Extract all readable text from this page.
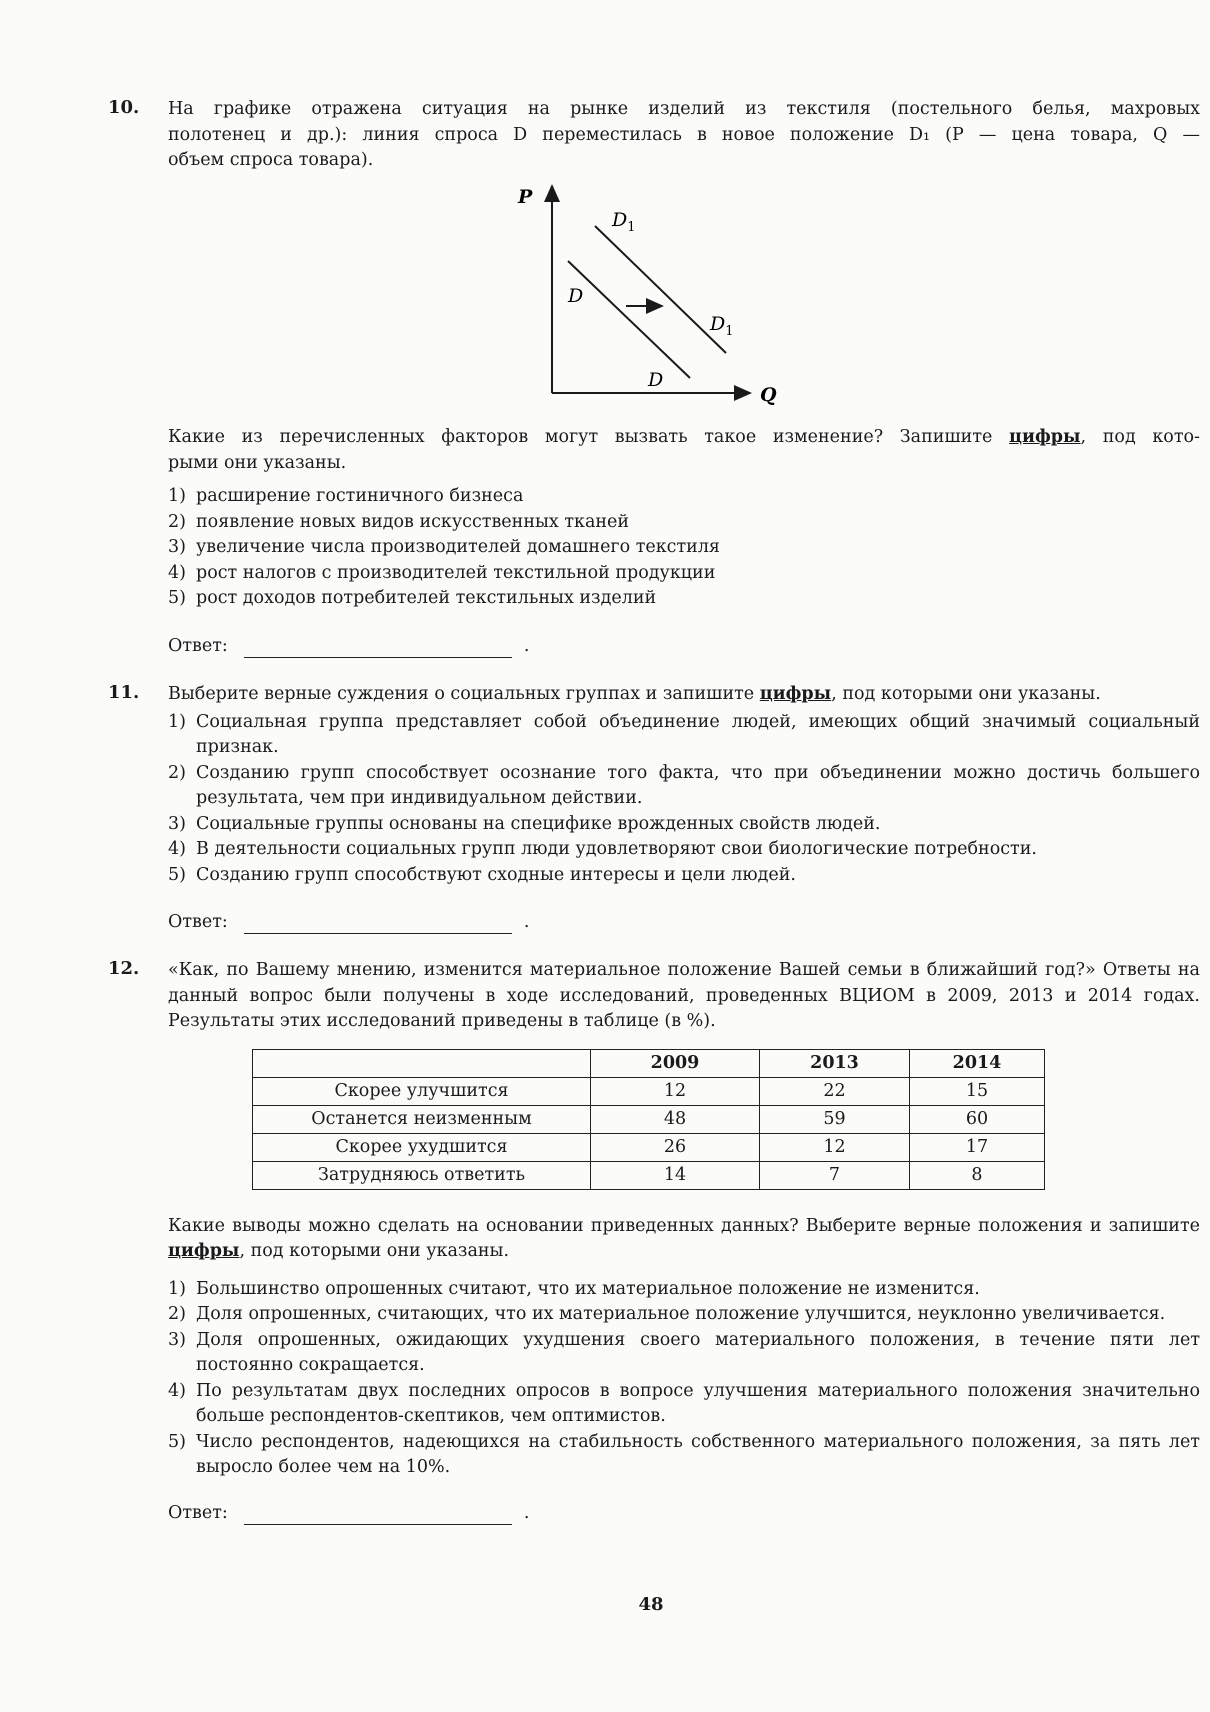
10. На графике отражена ситуация на рынке изделий из текстиля (постельного белья, махровых
полотенец и др.): линия спроса D переместилась в новое положение D₁ (P — цена товара, Q —
объем спроса товара).
P
Q
D
D
$D_1$
$D_1$
Какие из перечисленных факторов могут вызвать такое изменение? Запишите цифры, под кото-
рыми они указаны.
1) расширение гостиничного бизнеса
2) появление новых видов искусственных тканей
3) увеличение числа производителей домашнего текстиля
4) рост налогов с производителей текстильной продукции
5) рост доходов потребителей текстильных изделий
Ответ:	.
11. Выберите верные суждения о социальных группах и запишите цифры, под которыми они указаны.
1) Социальная группа представляет собой объединение людей, имеющих общий значимый социальный признак.
2) Созданию групп способствует осознание того факта, что при объединении можно достичь большего результата, чем при индивидуальном действии.
3) Социальные группы основаны на специфике врожденных свойств людей.
4) В деятельности социальных групп люди удовлетворяют свои биологические потребности.
5) Созданию групп способствуют сходные интересы и цели людей.
Ответ:	.
12. «Как, по Вашему мнению, изменится материальное положение Вашей семьи в ближайший год?» Ответы на данный вопрос были получены в ходе исследований, проведенных ВЦИОМ в 2009, 2013 и 2014 годах. Результаты этих исследований приведены в таблице (в %).
	2009	2013	2014
Скорее улучшится	12	22	15
Останется неизменным	48	59	60
Скорее ухудшится	26	12	17
Затрудняюсь ответить	14	7	8
Какие выводы можно сделать на основании приведенных данных? Выберите верные положения и запишите цифры, под которыми они указаны.
1) Большинство опрошенных считают, что их материальное положение не изменится.
2) Доля опрошенных, считающих, что их материальное положение улучшится, неуклонно увеличивается.
3) Доля опрошенных, ожидающих ухудшения своего материального положения, в течение пяти лет постоянно сокращается.
4) По результатам двух последних опросов в вопросе улучшения материального положения значительно больше респондентов-скептиков, чем оптимистов.
5) Число респондентов, надеющихся на стабильность собственного материального положения, за пять лет выросло более чем на 10%.
Ответ:	.
48
